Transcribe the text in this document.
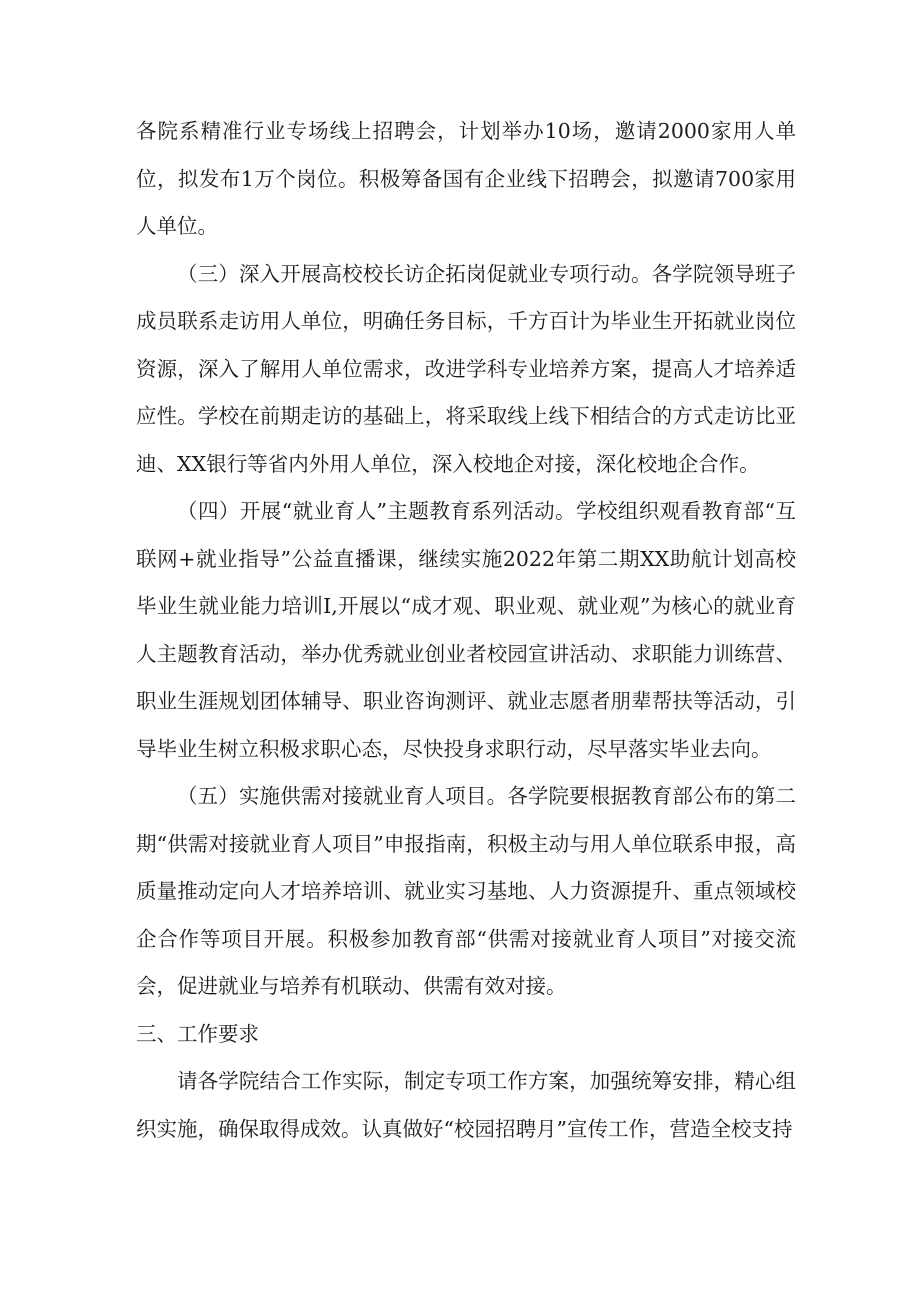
各院系精准行业专场线上招聘会，计划举办10场，邀请2000家用人单位，拟发布1万个岗位。积极筹备国有企业线下招聘会，拟邀请700家用人单位。

（三）深入开展高校校长访企拓岗促就业专项行动。各学院领导班子成员联系走访用人单位，明确任务目标，千方百计为毕业生开拓就业岗位资源，深入了解用人单位需求，改进学科专业培养方案，提高人才培养适应性。学校在前期走访的基础上，将采取线上线下相结合的方式走访比亚迪、XX银行等省内外用人单位，深入校地企对接，深化校地企合作。

（四）开展“就业育人”主题教育系列活动。学校组织观看教育部“互联网+就业指导”公益直播课，继续实施2022年第二期XX助航计划高校毕业生就业能力培训I,开展以“成才观、职业观、就业观”为核心的就业育人主题教育活动，举办优秀就业创业者校园宣讲活动、求职能力训练营、职业生涯规划团体辅导、职业咨询测评、就业志愿者朋辈帮扶等活动，引导毕业生树立积极求职心态，尽快投身求职行动，尽早落实毕业去向。

（五）实施供需对接就业育人项目。各学院要根据教育部公布的第二期“供需对接就业育人项目”申报指南，积极主动与用人单位联系申报，高质量推动定向人才培养培训、就业实习基地、人力资源提升、重点领域校企合作等项目开展。积极参加教育部“供需对接就业育人项目”对接交流会，促进就业与培养有机联动、供需有效对接。

三、工作要求

请各学院结合工作实际，制定专项工作方案，加强统筹安排，精心组织实施，确保取得成效。认真做好“校园招聘月”宣传工作，营造全校支持
